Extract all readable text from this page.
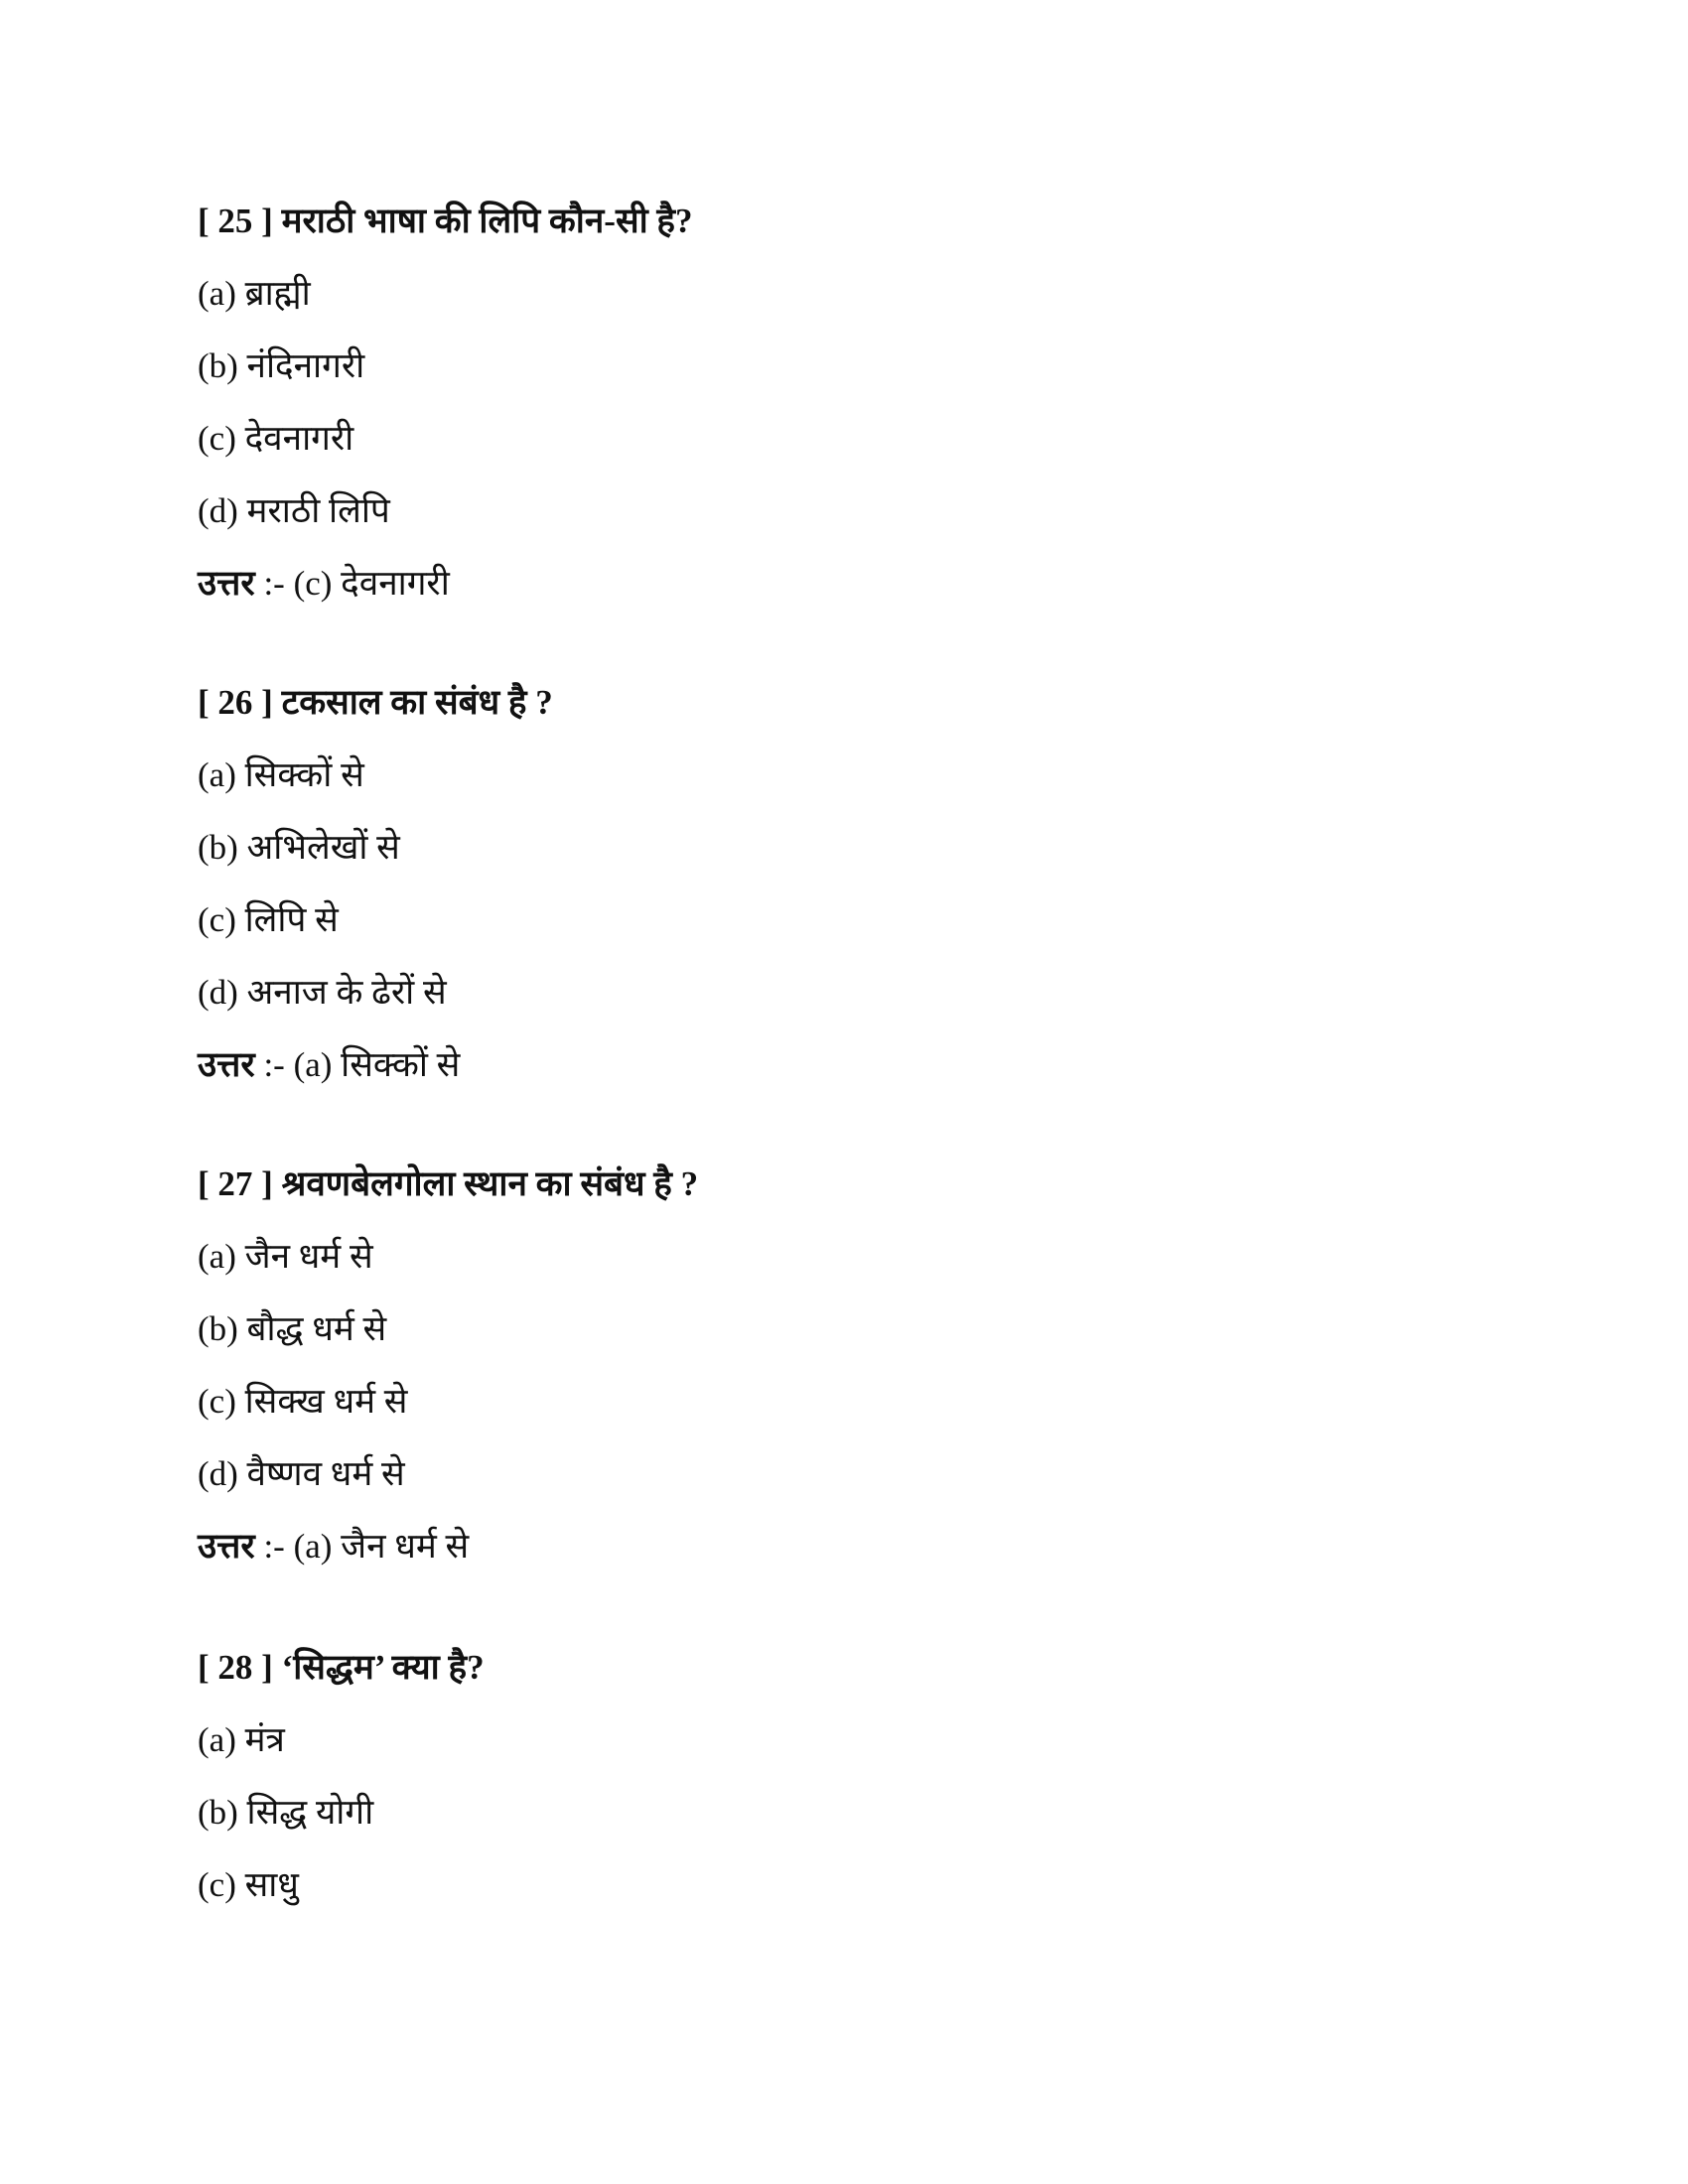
[ 25 ] मराठी भाषा की लिपि कौन-सी है?
(a) ब्राह्मी
(b) नंदिनागरी
(c) देवनागरी
(d) मराठी लिपि
उत्तर :- (c) देवनागरी
[ 26 ] टकसाल का संबंध है ?
(a) सिक्कों से
(b) अभिलेखों से
(c) लिपि से
(d) अनाज के ढेरों से
उत्तर :- (a) सिक्कों से
[ 27 ] श्रवणबेलगोला स्थान का संबंध है ?
(a) जैन धर्म से
(b) बौद्ध धर्म से
(c) सिक्ख धर्म से
(d) वैष्णव धर्म से
उत्तर :- (a) जैन धर्म से
[ 28 ] ‘सिद्धम’ क्या है?
(a) मंत्र
(b) सिद्ध योगी
(c) साधु
